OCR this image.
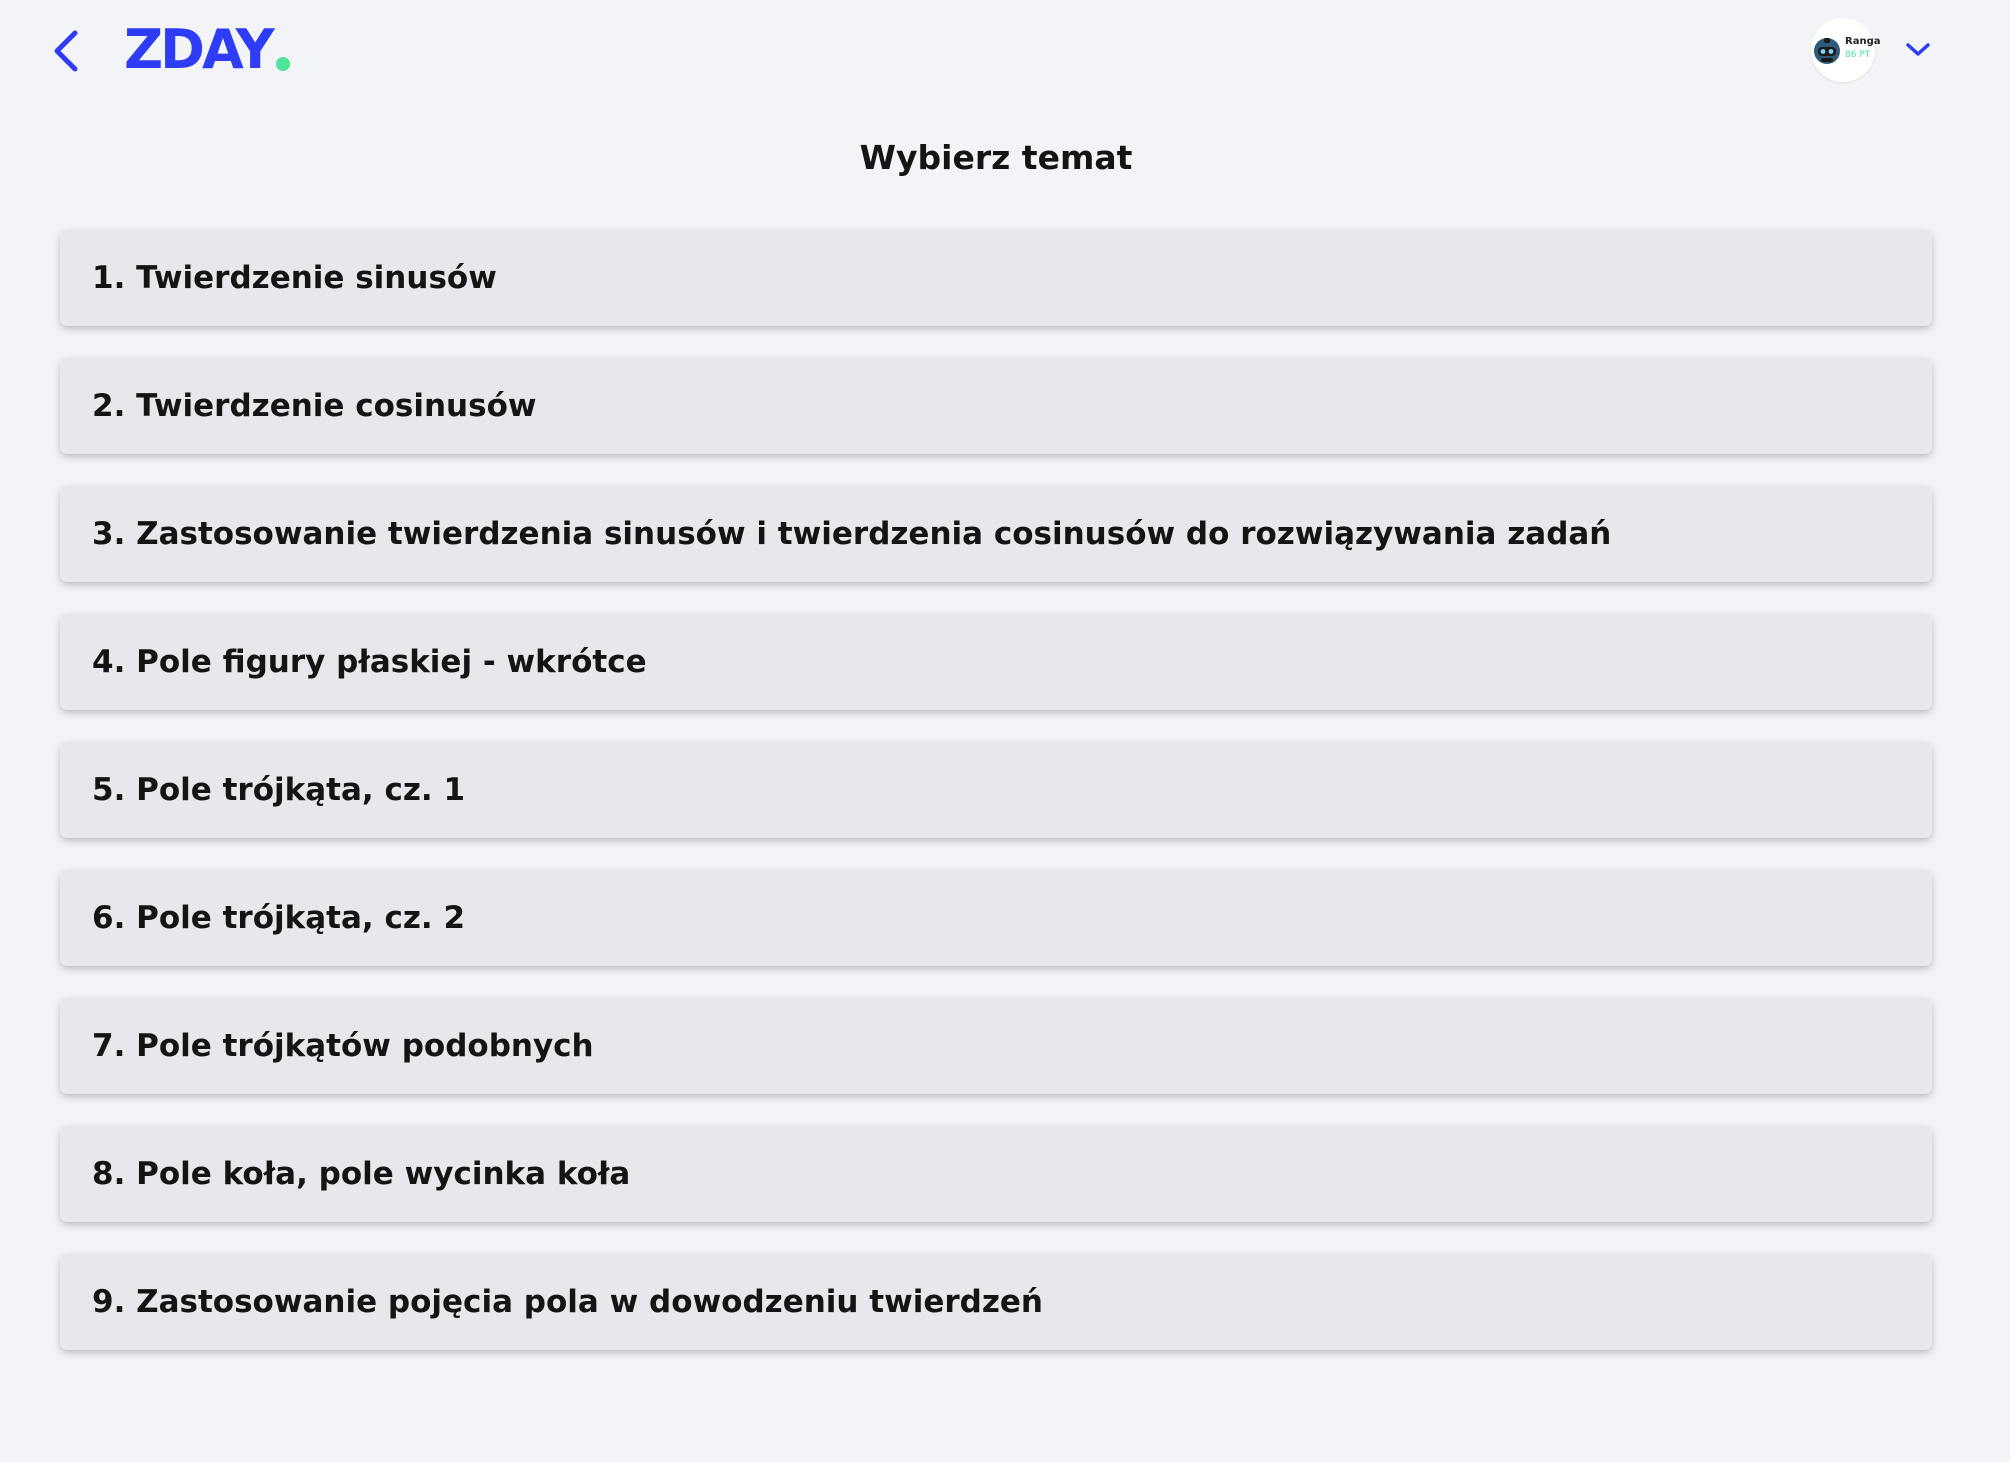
ZDAY	Ranga
86 PT
Wybierz temat
1. Twierdzenie sinusów
2. Twierdzenie cosinusów
3. Zastosowanie twierdzenia sinusów i twierdzenia cosinusów do rozwiązywania zadań
4. Pole figury płaskiej - wkrótce
5. Pole trójkąta, cz. 1
6. Pole trójkąta, cz. 2
7. Pole trójkątów podobnych
8. Pole koła, pole wycinka koła
9. Zastosowanie pojęcia pola w dowodzeniu twierdzeń
